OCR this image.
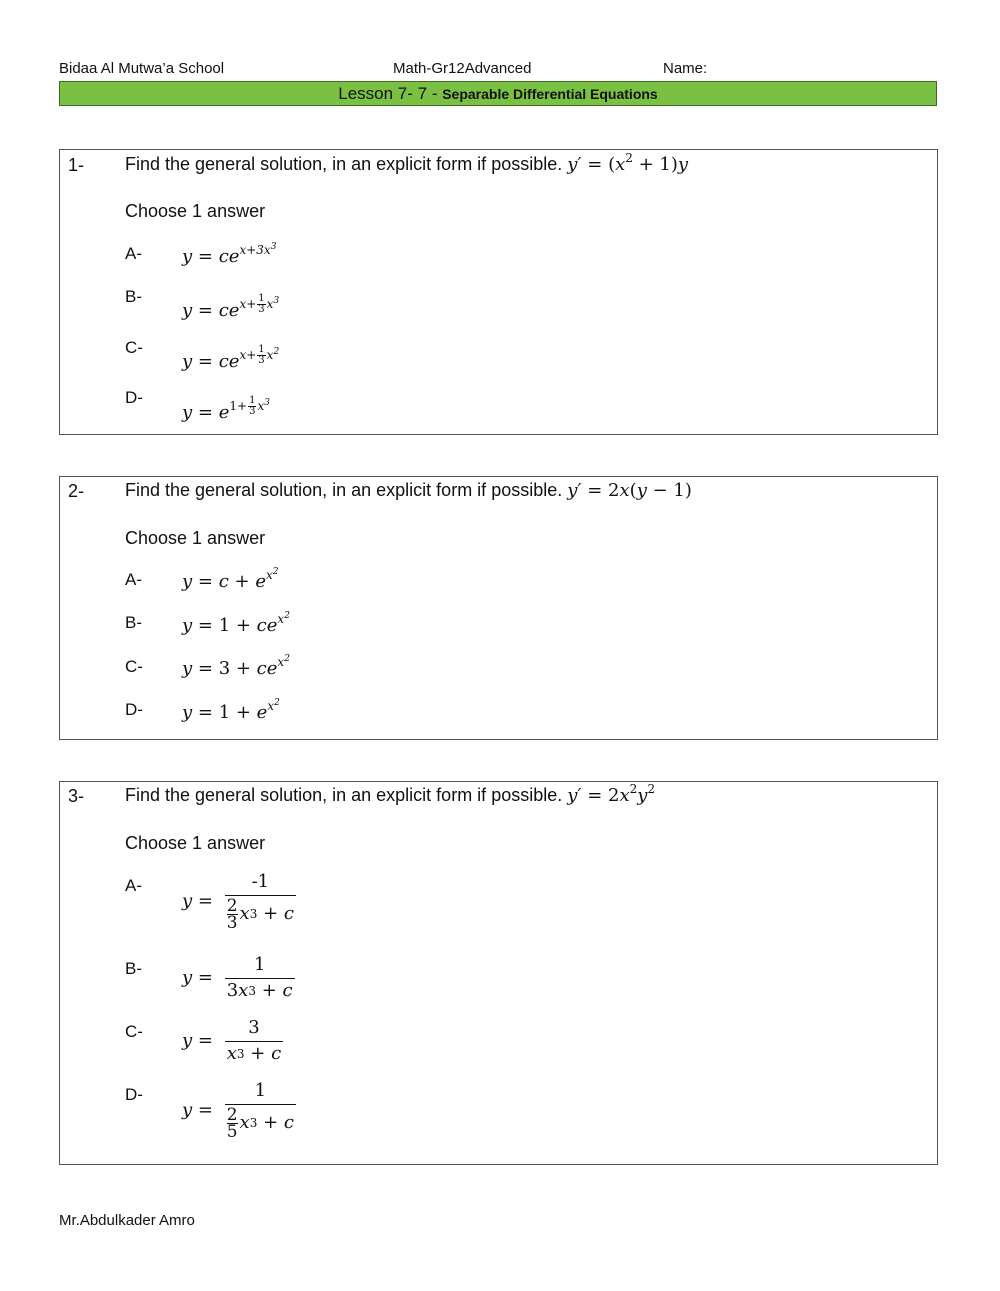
Bidaa Al Mutwa’a School	Math-Gr12Advanced	Name:
Lesson 7- 7 - Separable Differential Equations
1- Find the general solution, in an explicit form if possible. $y' = (x^2 + 1)y$
Choose 1 answer
A- $y = ce^{x+3x^3}$
B-
$y = ce^{x+ \frac{1}{3} x^3}$
C-
$y = ce^{x+ \frac{1}{3} x^2}$
D-
$y = e^{1+ \frac{1}{3} x^3}$
2- Find the general solution, in an explicit form if possible. y′ = 2x(y − 1)
Choose 1 answer
A- $y = c + e^{x^2}$
B- $y = 1 + ce^{x^2}$
C- $y = 3 + ce^{x^2}$
D- $y = 1 + e^{x^2}$
3- Find the general solution, in an explicit form if possible. $y' = 2x^2y^2$
Choose 1 answer
A-
y = -1
2
3 x 3
+ c
B- y = 1
3 x 3
+ c
C- y = 3
x 3
+ c
D-
y = 1
2
5 x 3
+ c
Mr.Abdulkader Amro
